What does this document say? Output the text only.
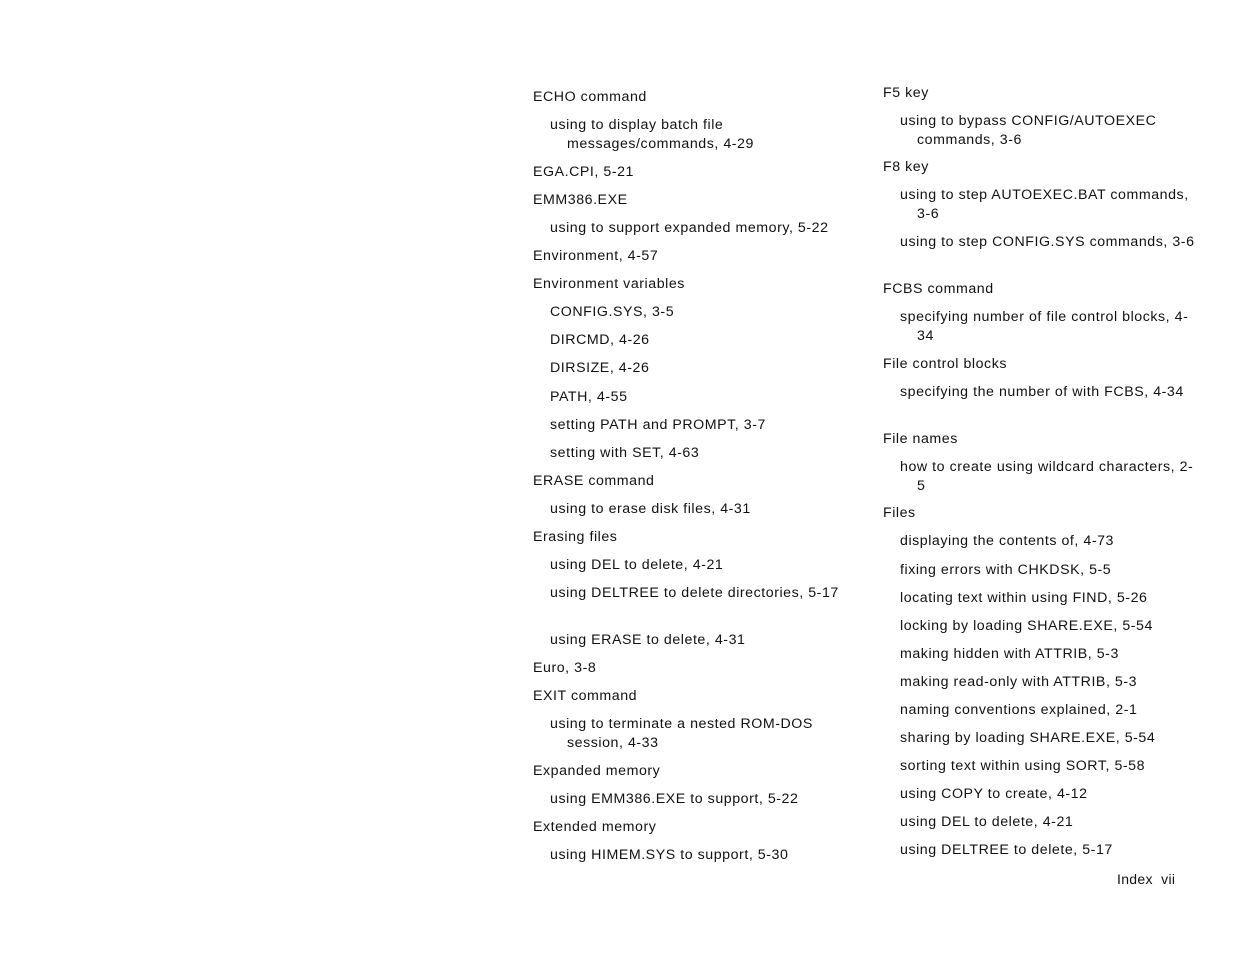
ECHO command
using to display batch file messages/commands, 4-29
EGA.CPI, 5-21
EMM386.EXE
using to support expanded memory, 5-22
Environment, 4-57
Environment variables
CONFIG.SYS, 3-5
DIRCMD, 4-26
DIRSIZE, 4-26
PATH, 4-55
setting PATH and PROMPT, 3-7
setting with SET, 4-63
ERASE command
using to erase disk files, 4-31
Erasing files
using DEL to delete, 4-21
using DELTREE to delete directories, 5-17
using ERASE to delete, 4-31
Euro, 3-8
EXIT command
using to terminate a nested ROM-DOS session, 4-33
Expanded memory
using EMM386.EXE to support, 5-22
Extended memory
using HIMEM.SYS to support, 5-30
F5 key
using to bypass CONFIG/AUTOEXEC commands, 3-6
F8 key
using to step AUTOEXEC.BAT commands, 3-6
using to step CONFIG.SYS commands, 3-6
FCBS command
specifying number of file control blocks, 4-34
File control blocks
specifying the number of with FCBS, 4-34
File names
how to create using wildcard characters, 2-5
Files
displaying the contents of, 4-73
fixing errors with CHKDSK, 5-5
locating text within using FIND, 5-26
locking by loading SHARE.EXE, 5-54
making hidden with ATTRIB, 5-3
making read-only with ATTRIB, 5-3
naming conventions explained, 2-1
sharing by loading SHARE.EXE, 5-54
sorting text within using SORT, 5-58
using COPY to create, 4-12
using DEL to delete, 4-21
using DELTREE to delete, 5-17
Index vii
